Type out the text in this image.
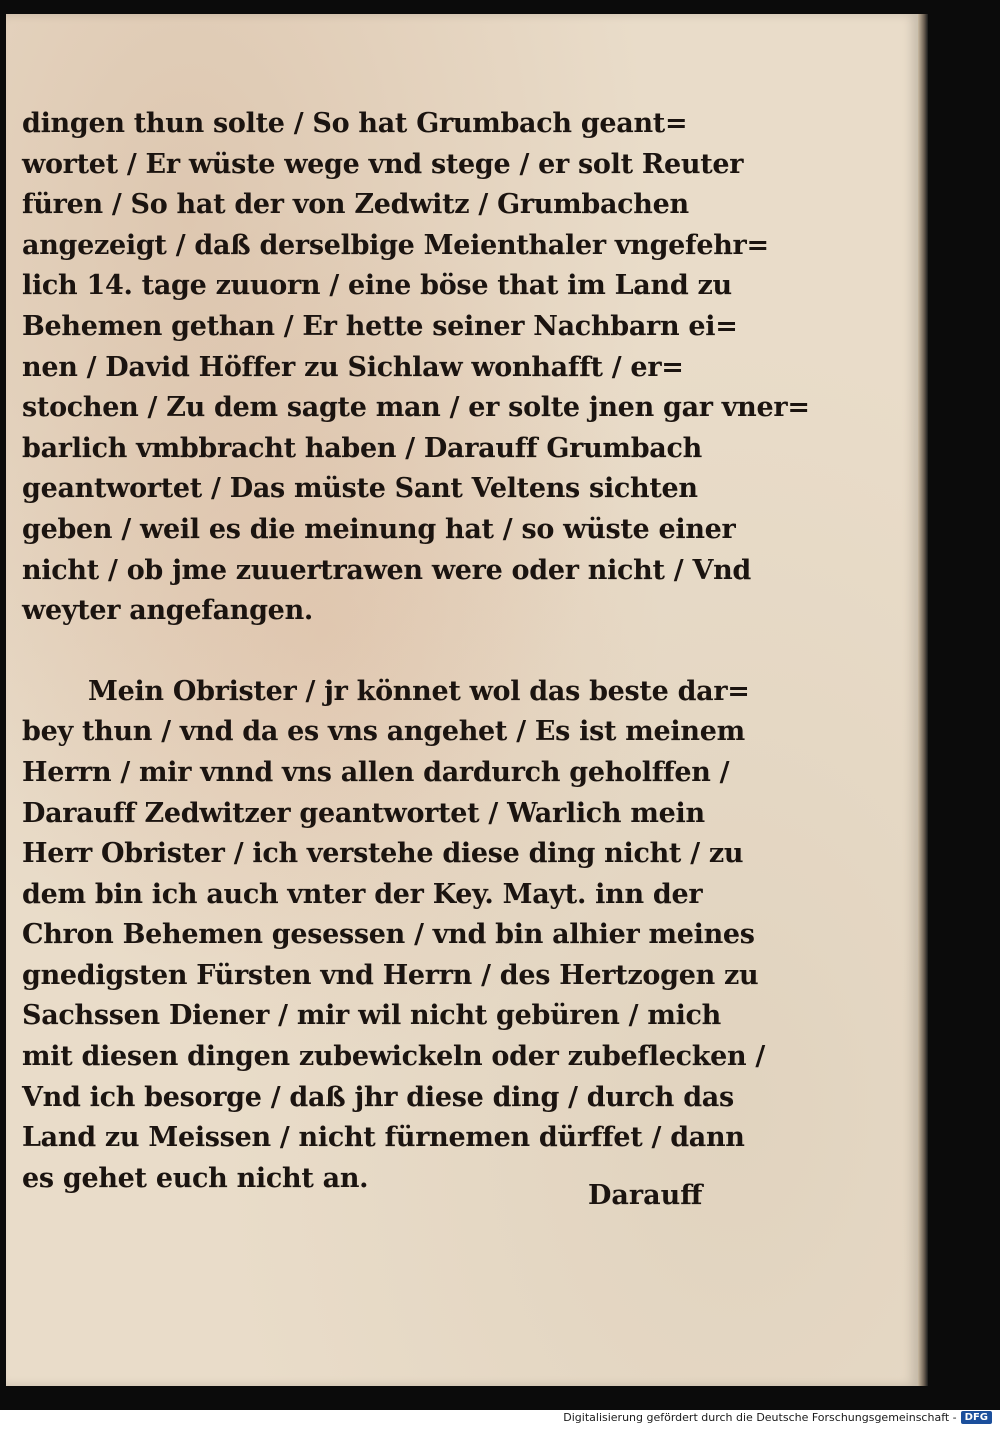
dingen thun solte / So hat Grumbach geant=
wortet / Er wüste wege vnd stege / er solt Reuter
füren / So hat der von Zedwitz / Grumbachen
angezeigt / daß derselbige Meienthaler vngefehr=
lich 14. tage zuuorn / eine böse that im Land zu
Behemen gethan / Er hette seiner Nachbarn ei=
nen / David Höffer zu Sichlaw wonhafft / er=
stochen / Zu dem sagte man / er solte jnen gar vner=
barlich vmbbracht haben / Darauff Grumbach
geantwortet / Das müste Sant Veltens sichten
geben / weil es die meinung hat / so wüste einer
nicht / ob jme zuuertrawen were oder nicht / Vnd
weyter angefangen.
Mein Obrister / jr könnet wol das beste dar=
bey thun / vnd da es vns angehet / Es ist meinem
Herrn / mir vnnd vns allen dardurch geholffen /
Darauff Zedwitzer geantwortet / Warlich mein
Herr Obrister / ich verstehe diese ding nicht / zu
dem bin ich auch vnter der Key. Mayt. inn der
Chron Behemen gesessen / vnd bin alhier meines
gnedigsten Fürsten vnd Herrn / des Hertzogen zu
Sachssen Diener / mir wil nicht gebüren / mich
mit diesen dingen zubewickeln oder zubeflecken /
Vnd ich besorge / daß jhr diese ding / durch das
Land zu Meissen / nicht fürnemen dürffet / dann
es gehet euch nicht an.
Darauff
Digitalisierung gefördert durch die Deutsche Forschungsgemeinschaft - DFG
